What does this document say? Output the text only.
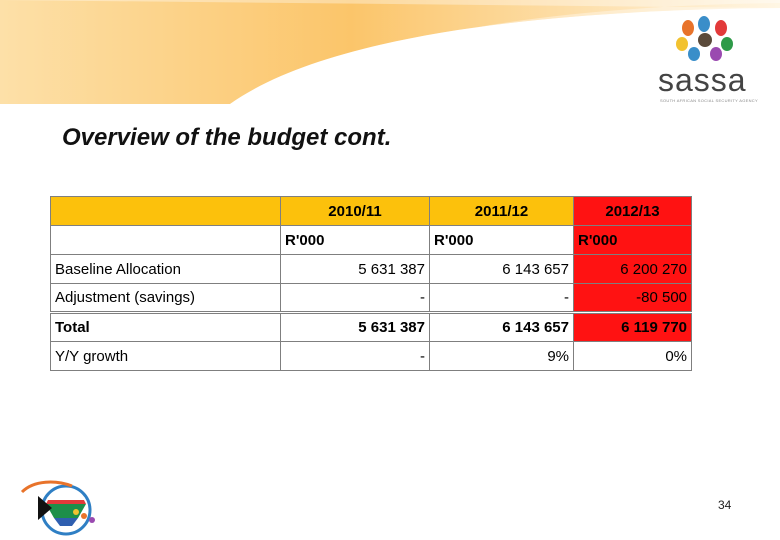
sassa
SOUTH AFRICAN SOCIAL SECURITY AGENCY
Overview of the budget cont.
	2010/11	2011/12	2012/13
	R'000	R'000	R'000
Baseline Allocation	5 631 387	6 143 657	6 200 270
Adjustment (savings)	-	-	-80 500
Total	5 631 387	6 143 657	6 119 770
Y/Y growth	-	9%	0%
34
